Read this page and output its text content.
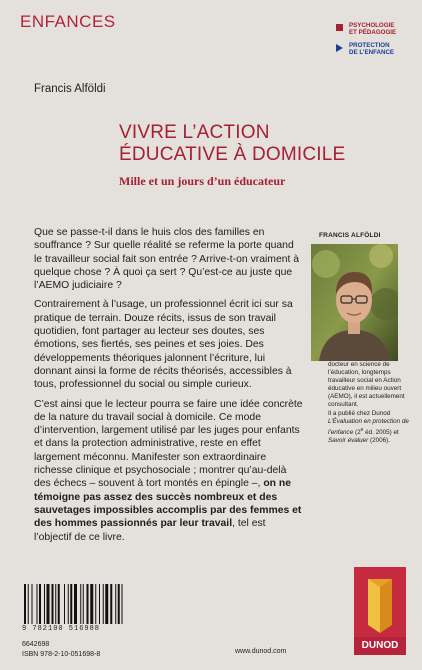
ENFANCES	PSYCHOLOGIE
ET PÉDAGOGIE
PROTECTION
DE L’ENFANCE
Francis Alföldi
VIVRE L’ACTION
ÉDUCATIVE À DOMICILE
Mille et un jours d’un éducateur

Que se passe-t-il dans le huis clos des familles en souffrance ? Sur quelle réalité se referme la porte quand le travailleur social fait son entrée ? Arrive-t-on vraiment à quelque chose ? À quoi ça sert ? Qu’est-ce au juste que l’AEMO judiciaire ?

Contrairement à l’usage, un professionnel écrit ici sur sa pratique de terrain. Douze récits, issus de son travail quotidien, font partager au lecteur ses doutes, ses émotions, ses fiertés, ses peines et ses joies. Des développements théoriques jalonnent l’écriture, lui donnant ainsi la forme de récits théorisés, accessibles à tous, professionnel du social ou simple curieux.

C’est ainsi que le lecteur pourra se faire une idée concrète de la nature du travail social à domicile. Ce mode d’intervention, largement utilisé par les juges pour enfants et dans la protection administrative, reste en effet largement méconnu. Manifester son extraordinaire richesse clinique et psychosociale ; montrer qu’au-delà des échecs – souvent à tort montés en épingle –, on ne témoigne pas assez des succès nombreux et des sauvetages impossibles accomplis par des femmes et des hommes passionnés par leur travail, tel est l’objectif de ce livre.

FRANCIS ALFÖLDI

docteur en science de l’éducation, longtemps travailleur social en Action éducative en milieu ouvert (AEMO), il est actuellement consultant.

Il a publié chez Dunod L’Évaluation en protection de l’enfance (2e éd. 2005) et Savoir évaluer (2006).

9 782100 516988
6642698
ISBN 978-2-10-051698-8	www.dunod.com
DUNOD
